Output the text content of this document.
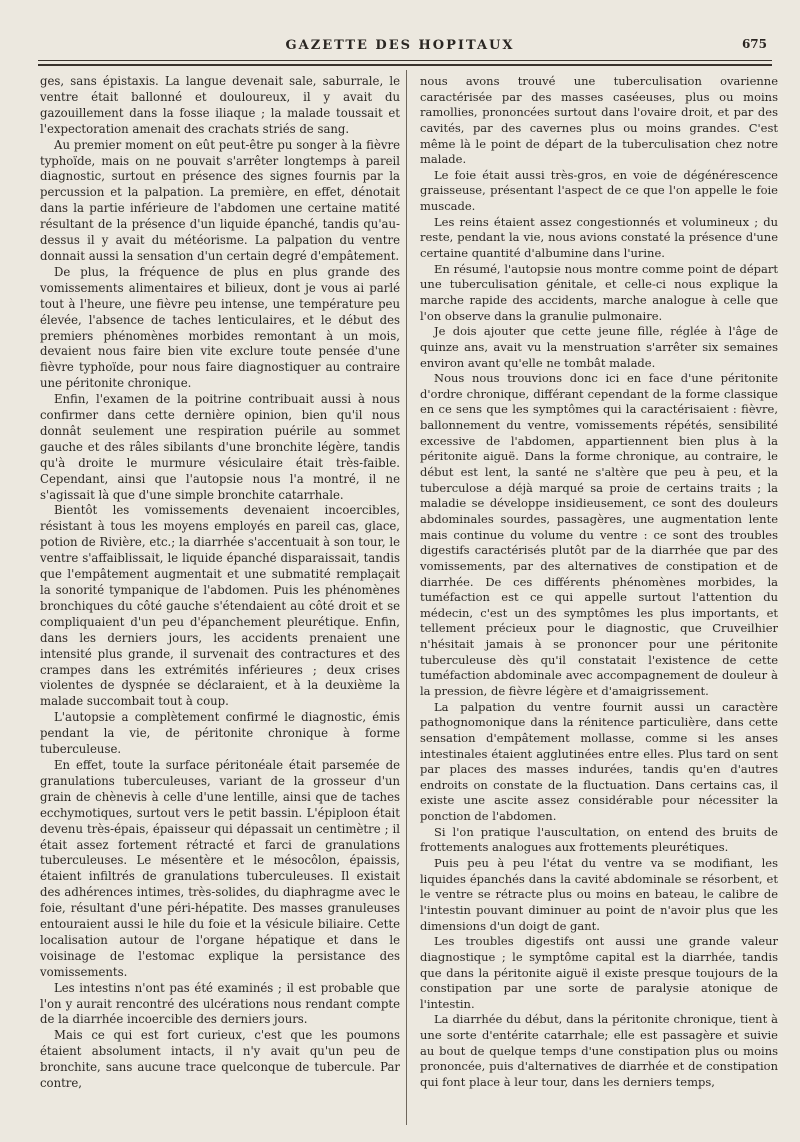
GAZETTE DES HOPITAUX	675

ges, sans épistaxis. La langue devenait sale, saburrale, le ventre était ballonné et douloureux, il y avait du gazouillement dans la fosse iliaque ; la malade toussait et l'expectoration amenait des crachats striés de sang.

Au premier moment on eût peut-être pu songer à la fièvre typhoïde, mais on ne pouvait s'arrêter longtemps à pareil diagnostic, surtout en présence des signes fournis par la percussion et la palpation. La première, en effet, dénotait dans la partie inférieure de l'abdomen une certaine matité résultant de la présence d'un liquide épanché, tandis qu'au-dessus il y avait du météorisme. La palpation du ventre donnait aussi la sensation d'un certain degré d'empâtement.

De plus, la fréquence de plus en plus grande des vomissements alimentaires et bilieux, dont je vous ai parlé tout à l'heure, une fièvre peu intense, une température peu élevée, l'absence de taches lenticulaires, et le début des premiers phénomènes morbides remontant à un mois, devaient nous faire bien vite exclure toute pensée d'une fièvre typhoïde, pour nous faire diagnostiquer au contraire une péritonite chronique.

Enfin, l'examen de la poitrine contribuait aussi à nous confirmer dans cette dernière opinion, bien qu'il nous donnât seulement une respiration puérile au sommet gauche et des râles sibilants d'une bronchite légère, tandis qu'à droite le murmure vésiculaire était très-faible. Cependant, ainsi que l'autopsie nous l'a montré, il ne s'agissait là que d'une simple bronchite catarrhale.

Bientôt les vomissements devenaient incoercibles, résistant à tous les moyens employés en pareil cas, glace, potion de Rivière, etc.; la diarrhée s'accentuait à son tour, le ventre s'affaiblissait, le liquide épanché disparaissait, tandis que l'empâtement augmentait et une submatité remplaçait la sonorité tympanique de l'abdomen. Puis les phénomènes bronchiques du côté gauche s'étendaient au côté droit et se compliquaient d'un peu d'épanchement pleurétique. Enfin, dans les derniers jours, les accidents prenaient une intensité plus grande, il survenait des contractures et des crampes dans les extrémités inférieures ; deux crises violentes de dyspnée se déclaraient, et à la deuxième la malade succombait tout à coup.

L'autopsie a complètement confirmé le diagnostic, émis pendant la vie, de péritonite chronique à forme tuberculeuse.

En effet, toute la surface péritonéale était parsemée de granulations tuberculeuses, variant de la grosseur d'un grain de chènevis à celle d'une lentille, ainsi que de taches ecchymotiques, surtout vers le petit bassin. L'épiploon était devenu très-épais, épaisseur qui dépassait un centimètre ; il était assez fortement rétracté et farci de granulations tuberculeuses. Le mésentère et le mésocôlon, épaissis, étaient infiltrés de granulations tuberculeuses. Il existait des adhérences intimes, très-solides, du diaphragme avec le foie, résultant d'une péri-hépatite. Des masses granuleuses entouraient aussi le hile du foie et la vésicule biliaire. Cette localisation autour de l'organe hépatique et dans le voisinage de l'estomac explique la persistance des vomissements.

Les intestins n'ont pas été examinés ; il est probable que l'on y aurait rencontré des ulcérations nous rendant compte de la diarrhée incoercible des derniers jours.

Mais ce qui est fort curieux, c'est que les poumons étaient absolument intacts, il n'y avait qu'un peu de bronchite, sans aucune trace quelconque de tubercule. Par contre,

nous avons trouvé une tuberculisation ovarienne caractérisée par des masses caséeuses, plus ou moins ramollies, prononcées surtout dans l'ovaire droit, et par des cavités, par des cavernes plus ou moins grandes. C'est même là le point de départ de la tuberculisation chez notre malade.

Le foie était aussi très-gros, en voie de dégénérescence graisseuse, présentant l'aspect de ce que l'on appelle le foie muscade.

Les reins étaient assez congestionnés et volumineux ; du reste, pendant la vie, nous avions constaté la présence d'une certaine quantité d'albumine dans l'urine.

En résumé, l'autopsie nous montre comme point de départ une tuberculisation génitale, et celle-ci nous explique la marche rapide des accidents, marche analogue à celle que l'on observe dans la granulie pulmonaire.

Je dois ajouter que cette jeune fille, réglée à l'âge de quinze ans, avait vu la menstruation s'arrêter six semaines environ avant qu'elle ne tombât malade.

Nous nous trouvions donc ici en face d'une péritonite d'ordre chronique, différant cependant de la forme classique en ce sens que les symptômes qui la caractérisaient : fièvre, ballonnement du ventre, vomissements répétés, sensibilité excessive de l'abdomen, appartiennent bien plus à la péritonite aiguë. Dans la forme chronique, au contraire, le début est lent, la santé ne s'altère que peu à peu, et la tuberculose a déjà marqué sa proie de certains traits ; la maladie se développe insidieusement, ce sont des douleurs abdominales sourdes, passagères, une augmentation lente mais continue du volume du ventre : ce sont des troubles digestifs caractérisés plutôt par de la diarrhée que par des vomissements, par des alternatives de constipation et de diarrhée. De ces différents phénomènes morbides, la tuméfaction est ce qui appelle surtout l'attention du médecin, c'est un des symptômes les plus importants, et tellement précieux pour le diagnostic, que Cruveilhier n'hésitait jamais à se prononcer pour une péritonite tuberculeuse dès qu'il constatait l'existence de cette tuméfaction abdominale avec accompagnement de douleur à la pression, de fièvre légère et d'amaigrissement.

La palpation du ventre fournit aussi un caractère pathognomonique dans la rénitence particulière, dans cette sensation d'empâtement mollasse, comme si les anses intestinales étaient agglutinées entre elles. Plus tard on sent par places des masses indurées, tandis qu'en d'autres endroits on constate de la fluctuation. Dans certains cas, il existe une ascite assez considérable pour nécessiter la ponction de l'abdomen.

Si l'on pratique l'auscultation, on entend des bruits de frottements analogues aux frottements pleurétiques.

Puis peu à peu l'état du ventre va se modifiant, les liquides épanchés dans la cavité abdominale se résorbent, et le ventre se rétracte plus ou moins en bateau, le calibre de l'intestin pouvant diminuer au point de n'avoir plus que les dimensions d'un doigt de gant.

Les troubles digestifs ont aussi une grande valeur diagnostique ; le symptôme capital est la diarrhée, tandis que dans la péritonite aiguë il existe presque toujours de la constipation par une sorte de paralysie atonique de l'intestin.

La diarrhée du début, dans la péritonite chronique, tient à une sorte d'entérite catarrhale; elle est passagère et suivie au bout de quelque temps d'une constipation plus ou moins prononcée, puis d'alternatives de diarrhée et de constipation qui font place à leur tour, dans les derniers temps,
